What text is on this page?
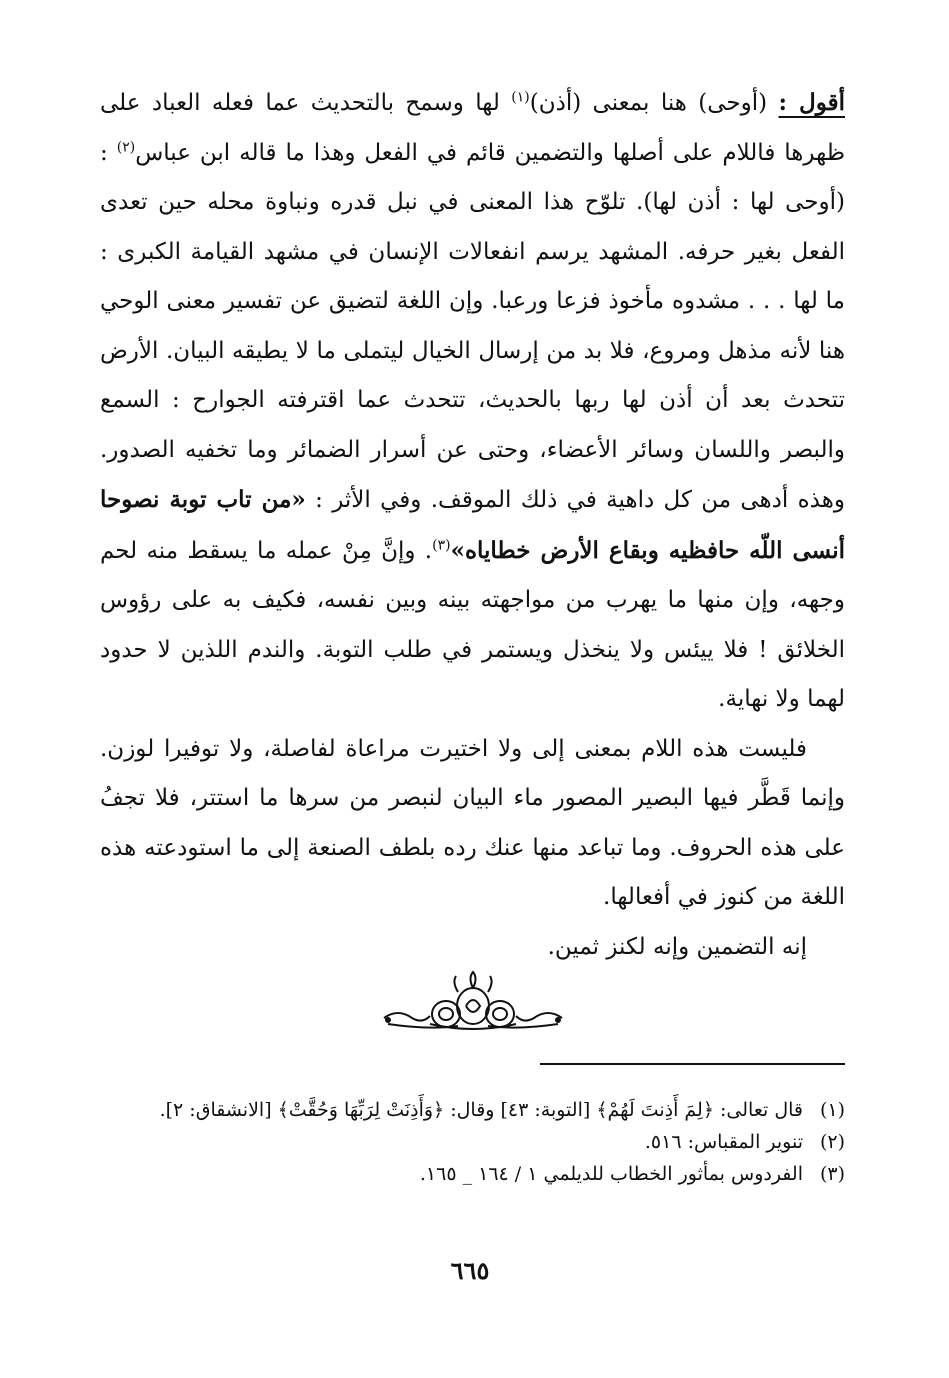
أقول : (أوحى) هنا بمعنى (أذن)$^{(١)}$ لها وسمح بالتحديث عما فعله العباد على ظهرها فاللام على أصلها والتضمين قائم في الفعل وهذا ما قاله ابن عباس$^{(٢)}$ : (أوحى لها : أذن لها). تلوّح هذا المعنى في نبل قدره ونباوة محله حين تعدى الفعل بغير حرفه. المشهد يرسم انفعالات الإنسان في مشهد القيامة الكبرى : ما لها . . . مشدوه مأخوذ فزعا ورعبا. وإن اللغة لتضيق عن تفسير معنى الوحي هنا لأنه مذهل ومروع، فلا بد من إرسال الخيال ليتملى ما لا يطيقه البيان. الأرض تتحدث بعد أن أذن لها ربها بالحديث، تتحدث عما اقترفته الجوارح : السمع والبصر واللسان وسائر الأعضاء، وحتى عن أسرار الضمائر وما تخفيه الصدور. وهذه أدهى من كل داهية في ذلك الموقف. وفي الأثر : «من تاب توبة نصوحا أنسى اللّه حافظيه وبقاع الأرض خطاياه»$^{(٣)}$. وإنَّ مِنْ عمله ما يسقط منه لحم وجهه، وإن منها ما يهرب من مواجهته بينه وبين نفسه، فكيف به على رؤوس الخلائق ! فلا ييئس ولا ينخذل ويستمر في طلب التوبة. والندم اللذين لا حدود لهما ولا نهاية.

فليست هذه اللام بمعنى إلى ولا اختيرت مراعاة لفاصلة، ولا توفيرا لوزن. وإنما قَطَّر فيها البصير المصور ماء البيان لنبصر من سرها ما استتر، فلا تجفُ على هذه الحروف. وما تباعد منها عنك رده بلطف الصنعة إلى ما استودعته هذه اللغة من كنوز في أفعالها.

إنه التضمين وإنه لكنز ثمين.

(١)
قال تعالى: ﴿لِمَ أَذِنتَ لَهُمْ﴾ [التوبة: ٤٣] وقال: ﴿وَأَذِنَتْ لِرَبِّهَا وَحُقَّتْ﴾ [الانشقاق: ٢].
(٢)
تنوير المقباس: ٥١٦.
(٣)
الفردوس بمأثور الخطاب للديلمي ١ / ١٦٤ _ ١٦٥.
٦٦٥
